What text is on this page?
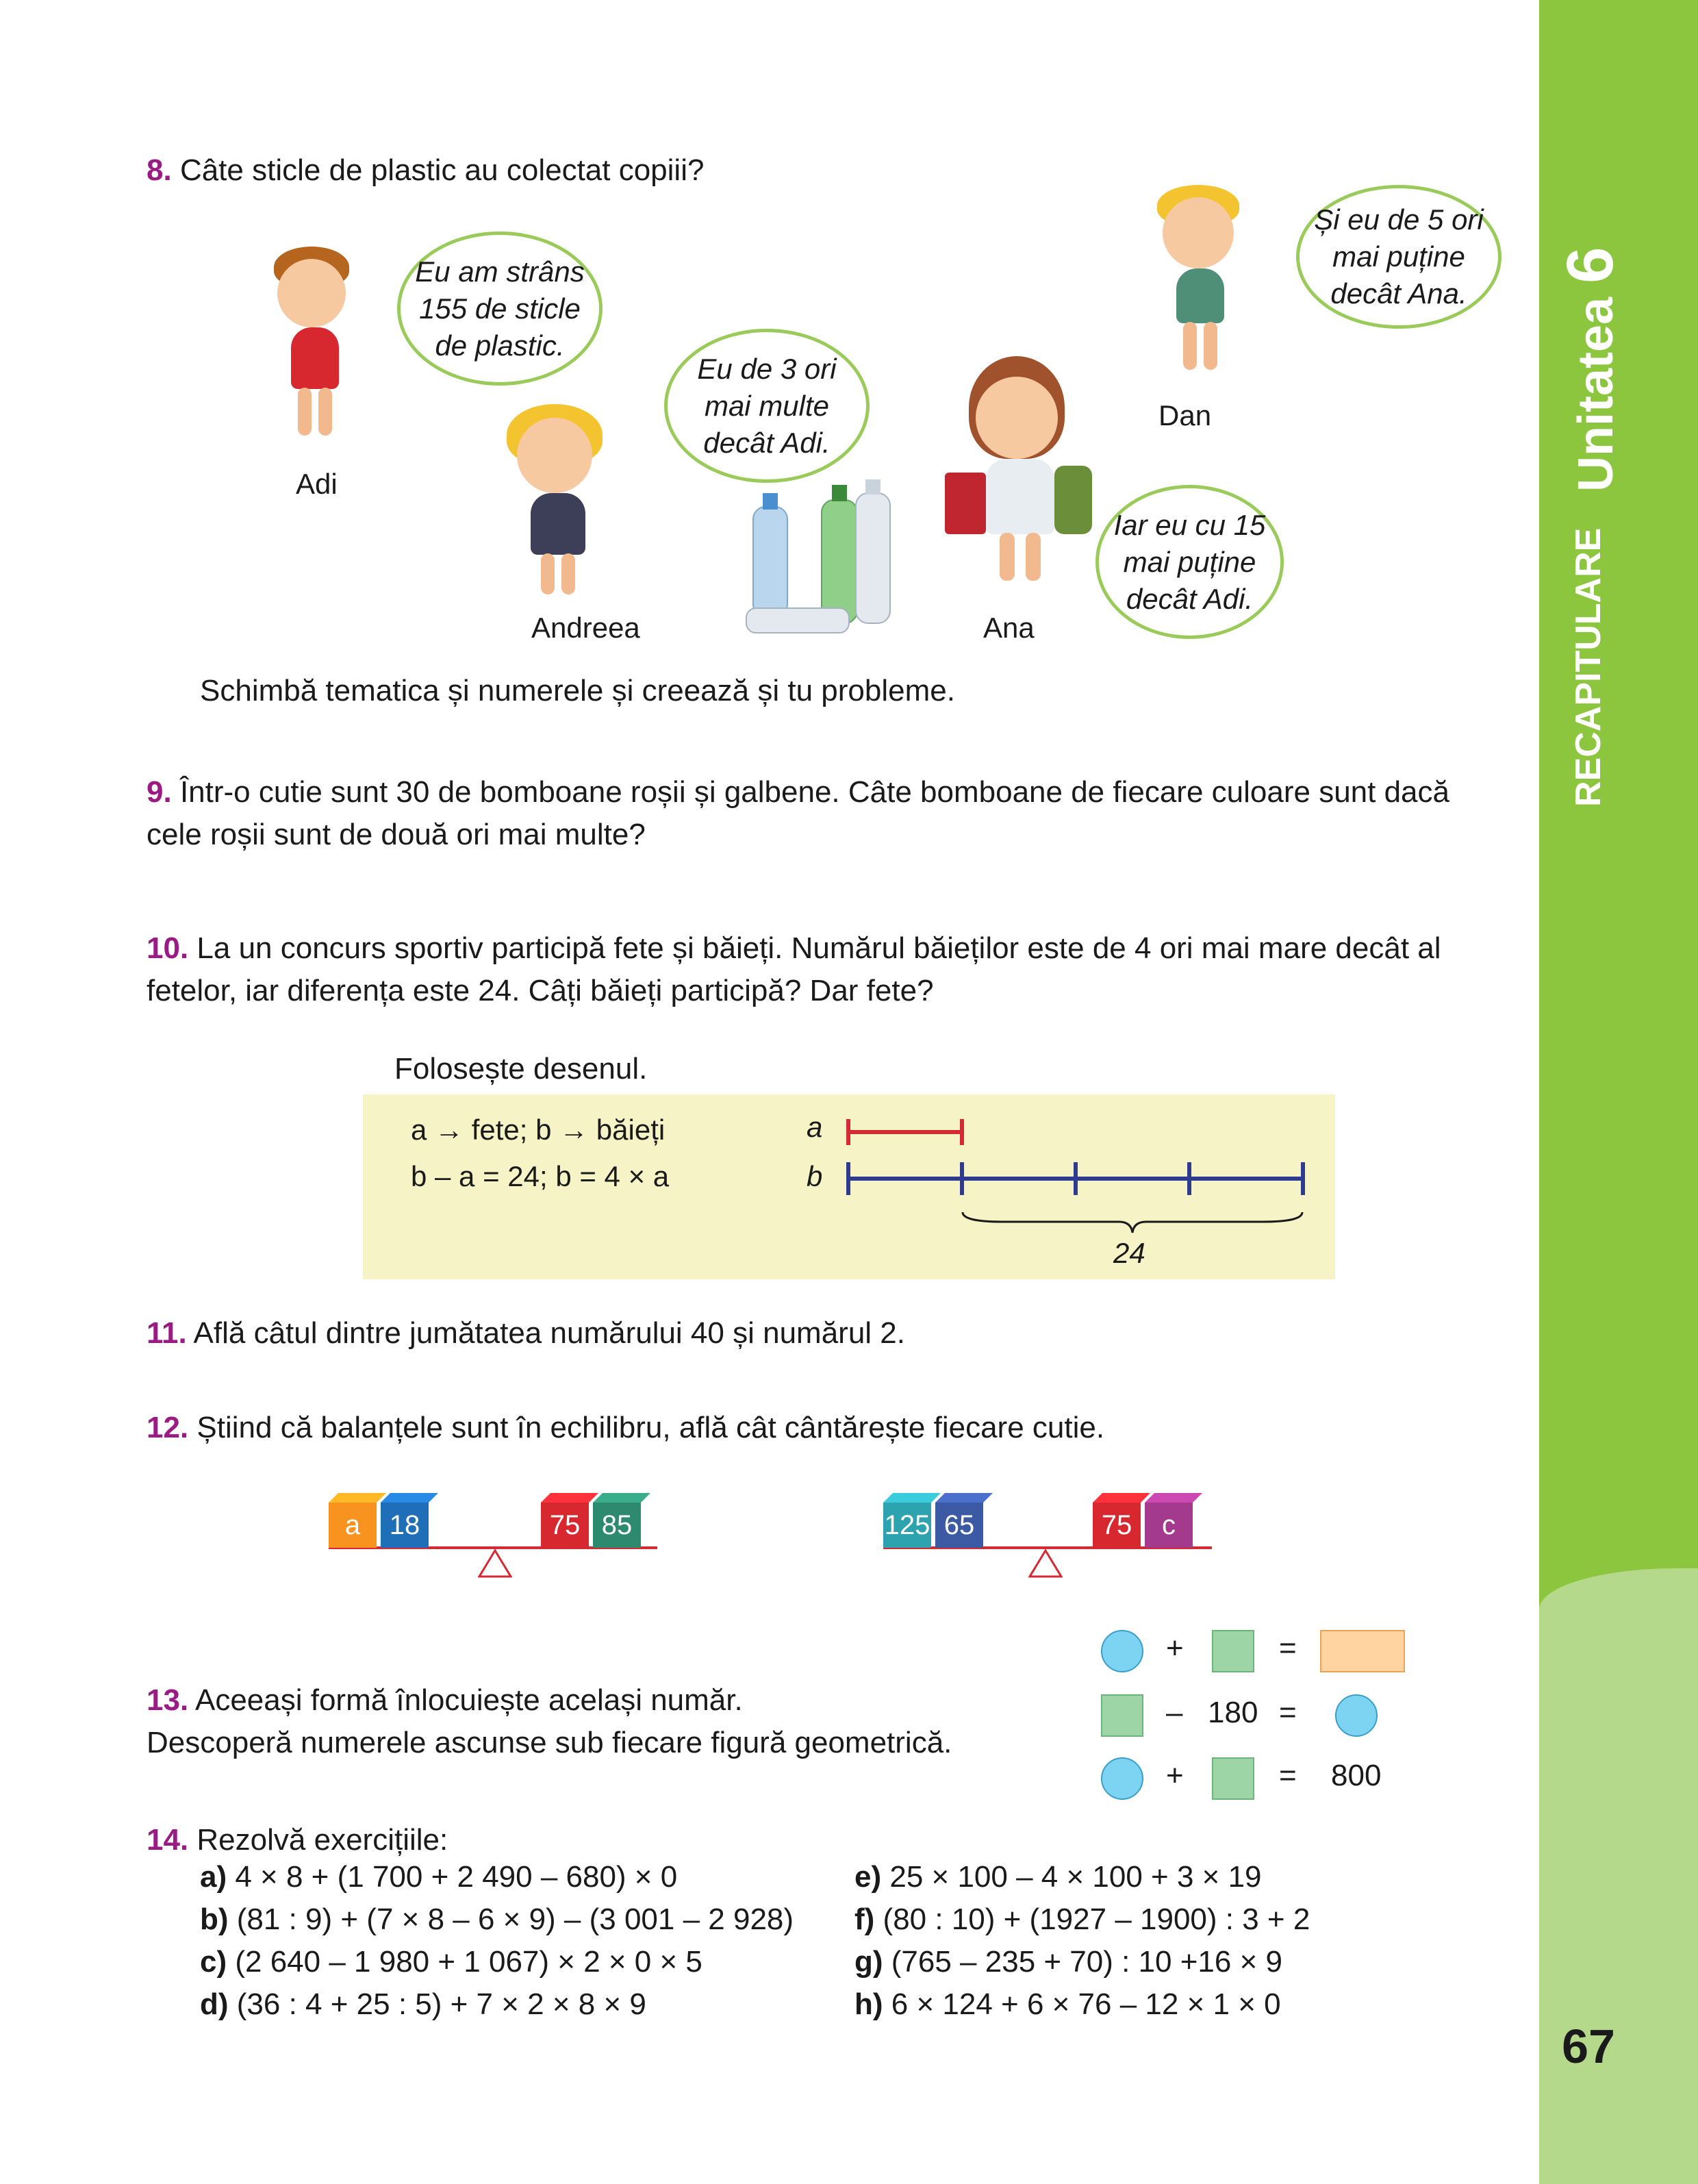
Unitatea 6
RECAPITULARE
67
8. Câte sticle de plastic au colectat copiii?
Adi
Eu am strâns
155 de sticle
de plastic.
Andreea
Eu de 3 ori
mai multe
decât Adi.
Ana
Iar eu cu 15
mai puține
decât Adi.
Dan
Și eu de 5 ori
mai puține
decât Ana.
Schimbă tematica și numerele și creează și tu probleme.
9. Într-o cutie sunt 30 de bomboane roșii și galbene. Câte bomboane de fiecare culoare sunt dacă
cele roșii sunt de două ori mai multe?
10. La un concurs sportiv participă fete și băieți. Numărul băieților este de 4 ori mai mare decât al
fetelor, iar diferența este 24. Câți băieți participă? Dar fete?
Folosește desenul.
a → fete; b → băieți
b – a = 24; b = 4 × a
a
b
24
11. Află câtul dintre jumătatea numărului 40 și numărul 2.
12. Știind că balanțele sunt în echilibru, află cât cântărește fiecare cutie.
a	18	75 85	125 65	75	c
13. Aceeași formă înlocuiește același număr.
Descoperă numerele ascunse sub fiecare figură geometrică.
+	=
– 180 =
+	= 800
14. Rezolvă exercițiile:
a) 4 × 8 + (1 700 + 2 490 – 680) × 0
b) (81 : 9) + (7 × 8 – 6 × 9) – (3 001 – 2 928)
c) (2 640 – 1 980 + 1 067) × 2 × 0 × 5
d) (36 : 4 + 25 : 5) + 7 × 2 × 8 × 9
e) 25 × 100 – 4 × 100 + 3 × 19
f) (80 : 10) + (1927 – 1900) : 3 + 2
g) (765 – 235 + 70) : 10 +16 × 9
h) 6 × 124 + 6 × 76 – 12 × 1 × 0
